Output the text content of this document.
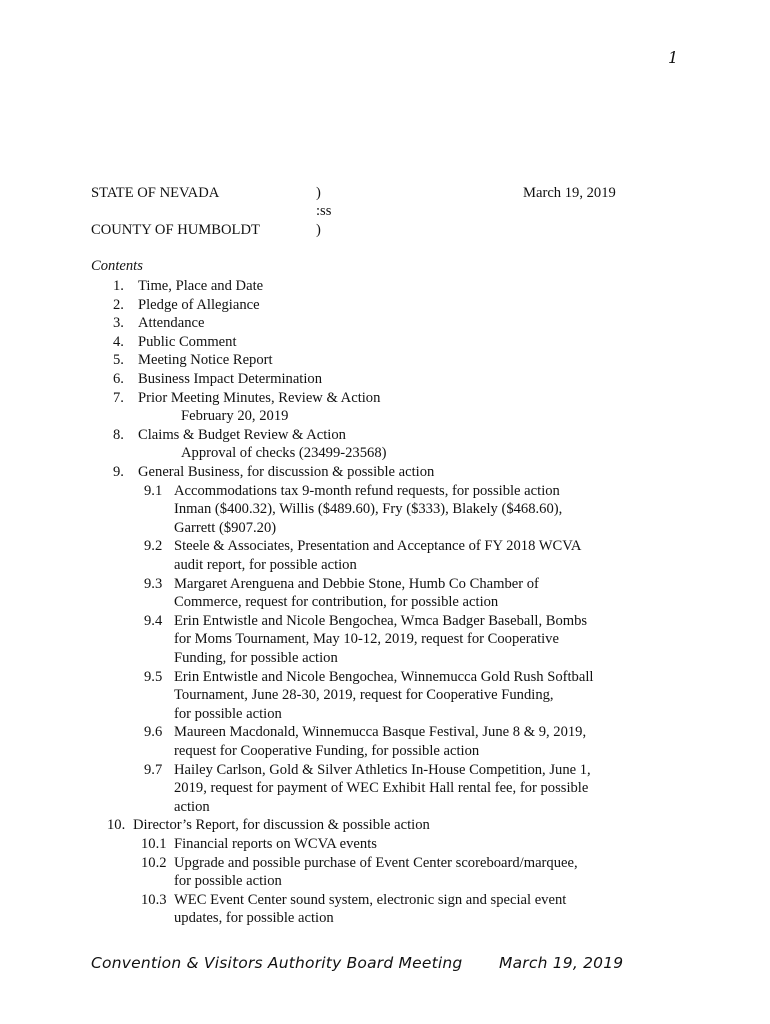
1
STATE OF NEVADA	)	March 19, 2019
:ss
COUNTY OF HUMBOLDT	)
Contents
1. Time, Place and Date
2. Pledge of Allegiance
3. Attendance
4. Public Comment
5. Meeting Notice Report
6. Business Impact Determination
7. Prior Meeting Minutes, Review & Action
February 20, 2019
8. Claims & Budget Review & Action
Approval of checks (23499-23568)
9. General Business, for discussion & possible action
9.1 Accommodations tax 9-month refund requests, for possible action
Inman ($400.32), Willis ($489.60), Fry ($333), Blakely ($468.60),
Garrett ($907.20)
9.2 Steele & Associates, Presentation and Acceptance of FY 2018 WCVA
audit report, for possible action
9.3 Margaret Arenguena and Debbie Stone, Humb Co Chamber of
Commerce, request for contribution, for possible action
9.4 Erin Entwistle and Nicole Bengochea, Wmca Badger Baseball, Bombs
for Moms Tournament, May 10-12, 2019, request for Cooperative
Funding, for possible action
9.5 Erin Entwistle and Nicole Bengochea, Winnemucca Gold Rush Softball
Tournament, June 28-30, 2019, request for Cooperative Funding,
for possible action
9.6 Maureen Macdonald, Winnemucca Basque Festival, June 8 & 9, 2019,
request for Cooperative Funding, for possible action
9.7 Hailey Carlson, Gold & Silver Athletics In-House Competition, June 1,
2019, request for payment of WEC Exhibit Hall rental fee, for possible
action
10. Director’s Report, for discussion & possible action
10.1 Financial reports on WCVA events
10.2 Upgrade and possible purchase of Event Center scoreboard/marquee,
for possible action
10.3 WEC Event Center sound system, electronic sign and special event
updates, for possible action
Convention & Visitors Authority Board Meeting March 19, 2019
